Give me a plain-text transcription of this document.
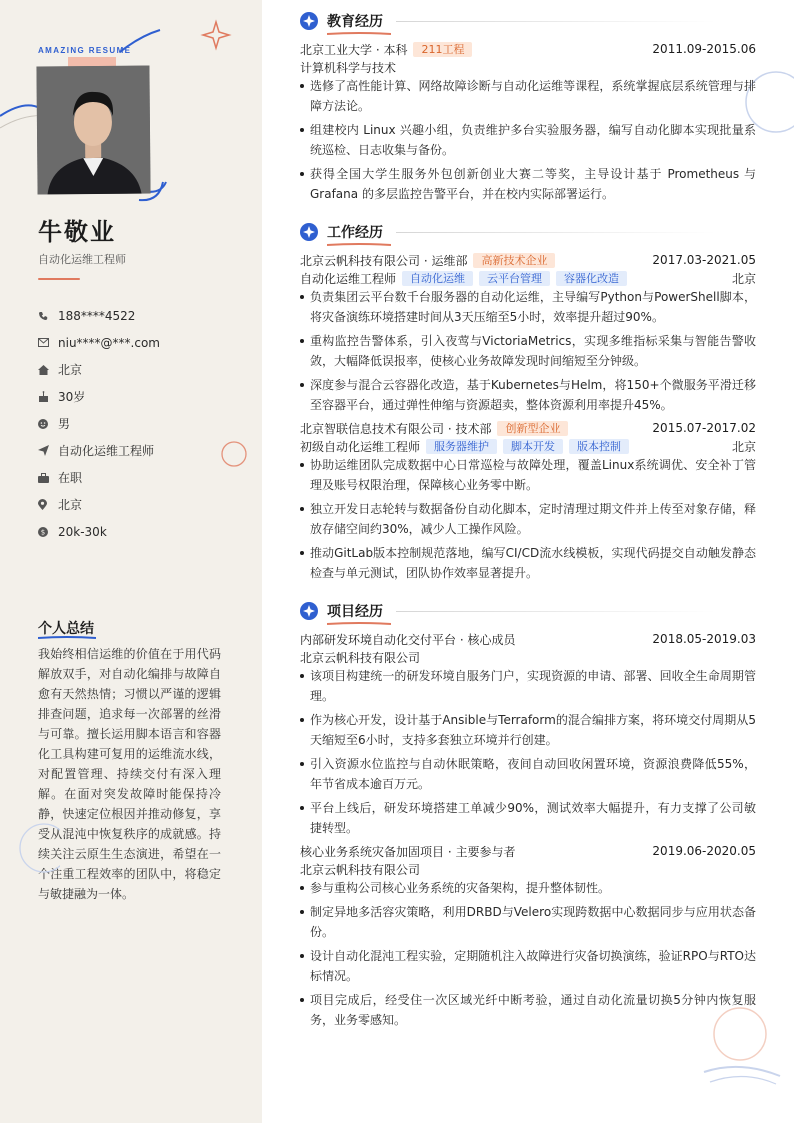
AMAZING RESUME
牛敬业
自动化运维工程师
188****4522
niu****@***.com
北京
30岁
男
自动化运维工程师
在职
北京
$ 20k-30k
个人总结
我始终相信运维的价值在于用代码解放双手，对自动化编排与故障自愈有天然热情；习惯以严谨的逻辑排查问题，追求每一次部署的丝滑与可靠。擅长运用脚本语言和容器化工具构建可复用的运维流水线，对配置管理、持续交付有深入理解。在面对突发故障时能保持冷静，快速定位根因并推动修复，享受从混沌中恢复秩序的成就感。持续关注云原生生态演进，希望在一个注重工程效率的团队中，将稳定与敏捷融为一体。
教育经历
北京工业大学 · 本科	211工程	2011.09-2015.06
计算机科学与技术
选修了高性能计算、网络故障诊断与自动化运维等课程，系统掌握底层系统管理与排障方法论。
组建校内 Linux 兴趣小组，负责维护多台实验服务器，编写自动化脚本实现批量系统巡检、日志收集与备份。
获得全国大学生服务外包创新创业大赛二等奖，主导设计基于 Prometheus 与 Grafana 的多层监控告警平台，并在校内实际部署运行。
工作经历
北京云帆科技有限公司 · 运维部	高新技术企业	2017.03-2021.05
自动化运维工程师	自动化运维	云平台管理	容器化改造	北京
负责集团云平台数千台服务器的自动化运维，主导编写Python与PowerShell脚本，将灾备演练环境搭建时间从3天压缩至5小时，效率提升超过90%。
重构监控告警体系，引入夜莺与VictoriaMetrics，实现多维指标采集与智能告警收敛，大幅降低误报率，使核心业务故障发现时间缩短至分钟级。
深度参与混合云容器化改造，基于Kubernetes与Helm，将150+个微服务平滑迁移至容器平台，通过弹性伸缩与资源超卖，整体资源利用率提升45%。
北京智联信息技术有限公司 · 技术部	创新型企业	2015.07-2017.02
初级自动化运维工程师	服务器维护	脚本开发	版本控制	北京
协助运维团队完成数据中心日常巡检与故障处理，覆盖Linux系统调优、安全补丁管理及账号权限治理，保障核心业务零中断。
独立开发日志轮转与数据备份自动化脚本，定时清理过期文件并上传至对象存储，释放存储空间约30%，减少人工操作风险。
推动GitLab版本控制规范落地，编写CI/CD流水线模板，实现代码提交自动触发静态检查与单元测试，团队协作效率显著提升。
项目经历
内部研发环境自动化交付平台 · 核心成员	2018.05-2019.03
北京云帆科技有限公司
该项目构建统一的研发环境自服务门户，实现资源的申请、部署、回收全生命周期管理。
作为核心开发，设计基于Ansible与Terraform的混合编排方案，将环境交付周期从5天缩短至6小时，支持多套独立环境并行创建。
引入资源水位监控与自动休眠策略，夜间自动回收闲置环境，资源浪费降低55%，年节省成本逾百万元。
平台上线后，研发环境搭建工单减少90%，测试效率大幅提升，有力支撑了公司敏捷转型。
核心业务系统灾备加固项目 · 主要参与者	2019.06-2020.05
北京云帆科技有限公司
参与重构公司核心业务系统的灾备架构，提升整体韧性。
制定异地多活容灾策略，利用DRBD与Velero实现跨数据中心数据同步与应用状态备份。
设计自动化混沌工程实验，定期随机注入故障进行灾备切换演练，验证RPO与RTO达标情况。
项目完成后，经受住一次区域光纤中断考验，通过自动化流量切换5分钟内恢复服务，业务零感知。
